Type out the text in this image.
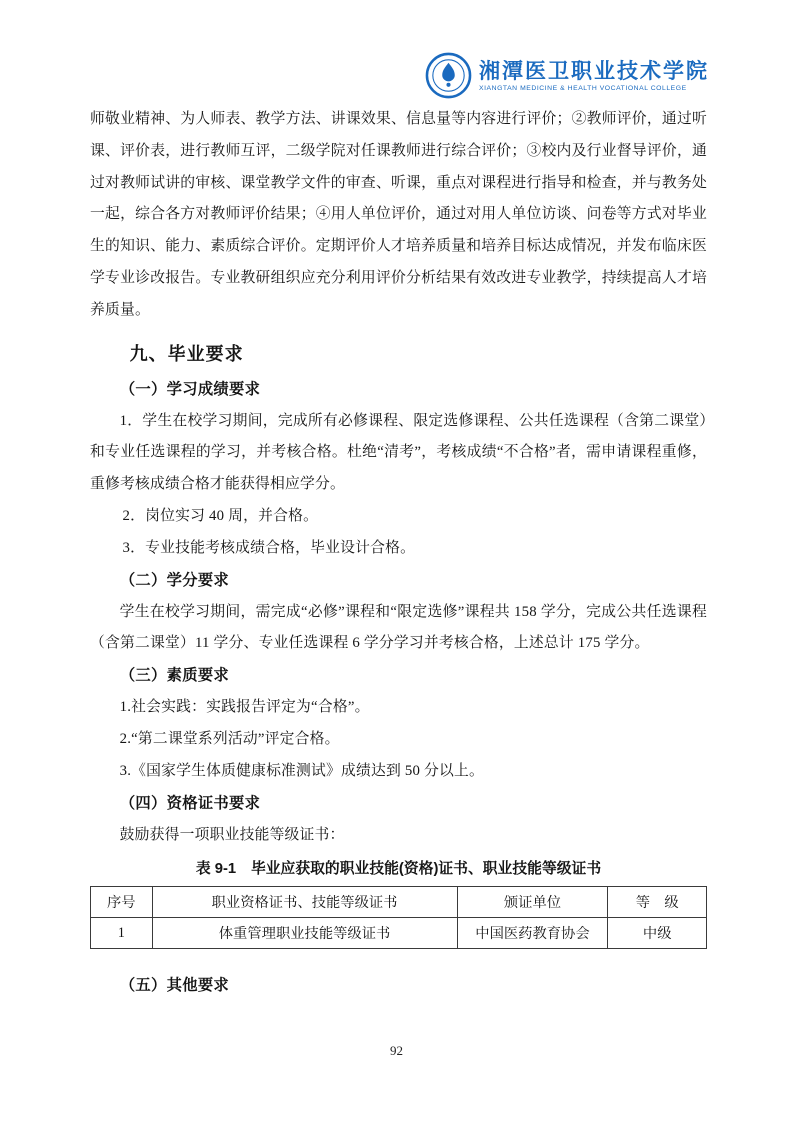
湘潭医卫职业技术学院
XIANGTAN MEDICINE & HEALTH VOCATIONAL COLLEGE

师敬业精神、为人师表、教学方法、讲课效果、信息量等内容进行评价；②教师评价，通过听课、评价表，进行教师互评，二级学院对任课教师进行综合评价；③校内及行业督导评价，通过对教师试讲的审核、课堂教学文件的审查、听课，重点对课程进行指导和检查，并与教务处一起，综合各方对教师评价结果；④用人单位评价，通过对用人单位访谈、问卷等方式对毕业生的知识、能力、素质综合评价。定期评价人才培养质量和培养目标达成情况，并发布临床医学专业诊改报告。专业教研组织应充分利用评价分析结果有效改进专业教学，持续提高人才培养质量。

九、毕业要求
（一）学习成绩要求

1．学生在校学习期间，完成所有必修课程、限定选修课程、公共任选课程（含第二课堂）和专业任选课程的学习，并考核合格。杜绝“清考”，考核成绩“不合格”者，需申请课程重修，重修考核成绩合格才能获得相应学分。

2．岗位实习 40 周，并合格。

3．专业技能考核成绩合格，毕业设计合格。

（二）学分要求

学生在校学习期间，需完成“必修”课程和“限定选修”课程共 158 学分，完成公共任选课程（含第二课堂）11 学分、专业任选课程 6 学分学习并考核合格，上述总计 175 学分。

（三）素质要求

1.社会实践：实践报告评定为“合格”。

2.“第二课堂系列活动”评定合格。

3.《国家学生体质健康标准测试》成绩达到 50 分以上。

（四）资格证书要求

鼓励获得一项职业技能等级证书：

表 9-1　毕业应获取的职业技能(资格)证书、职业技能等级证书
序号	职业资格证书、技能等级证书	颁证单位	等　级
1	体重管理职业技能等级证书	中国医药教育协会	中级
（五）其他要求
92
